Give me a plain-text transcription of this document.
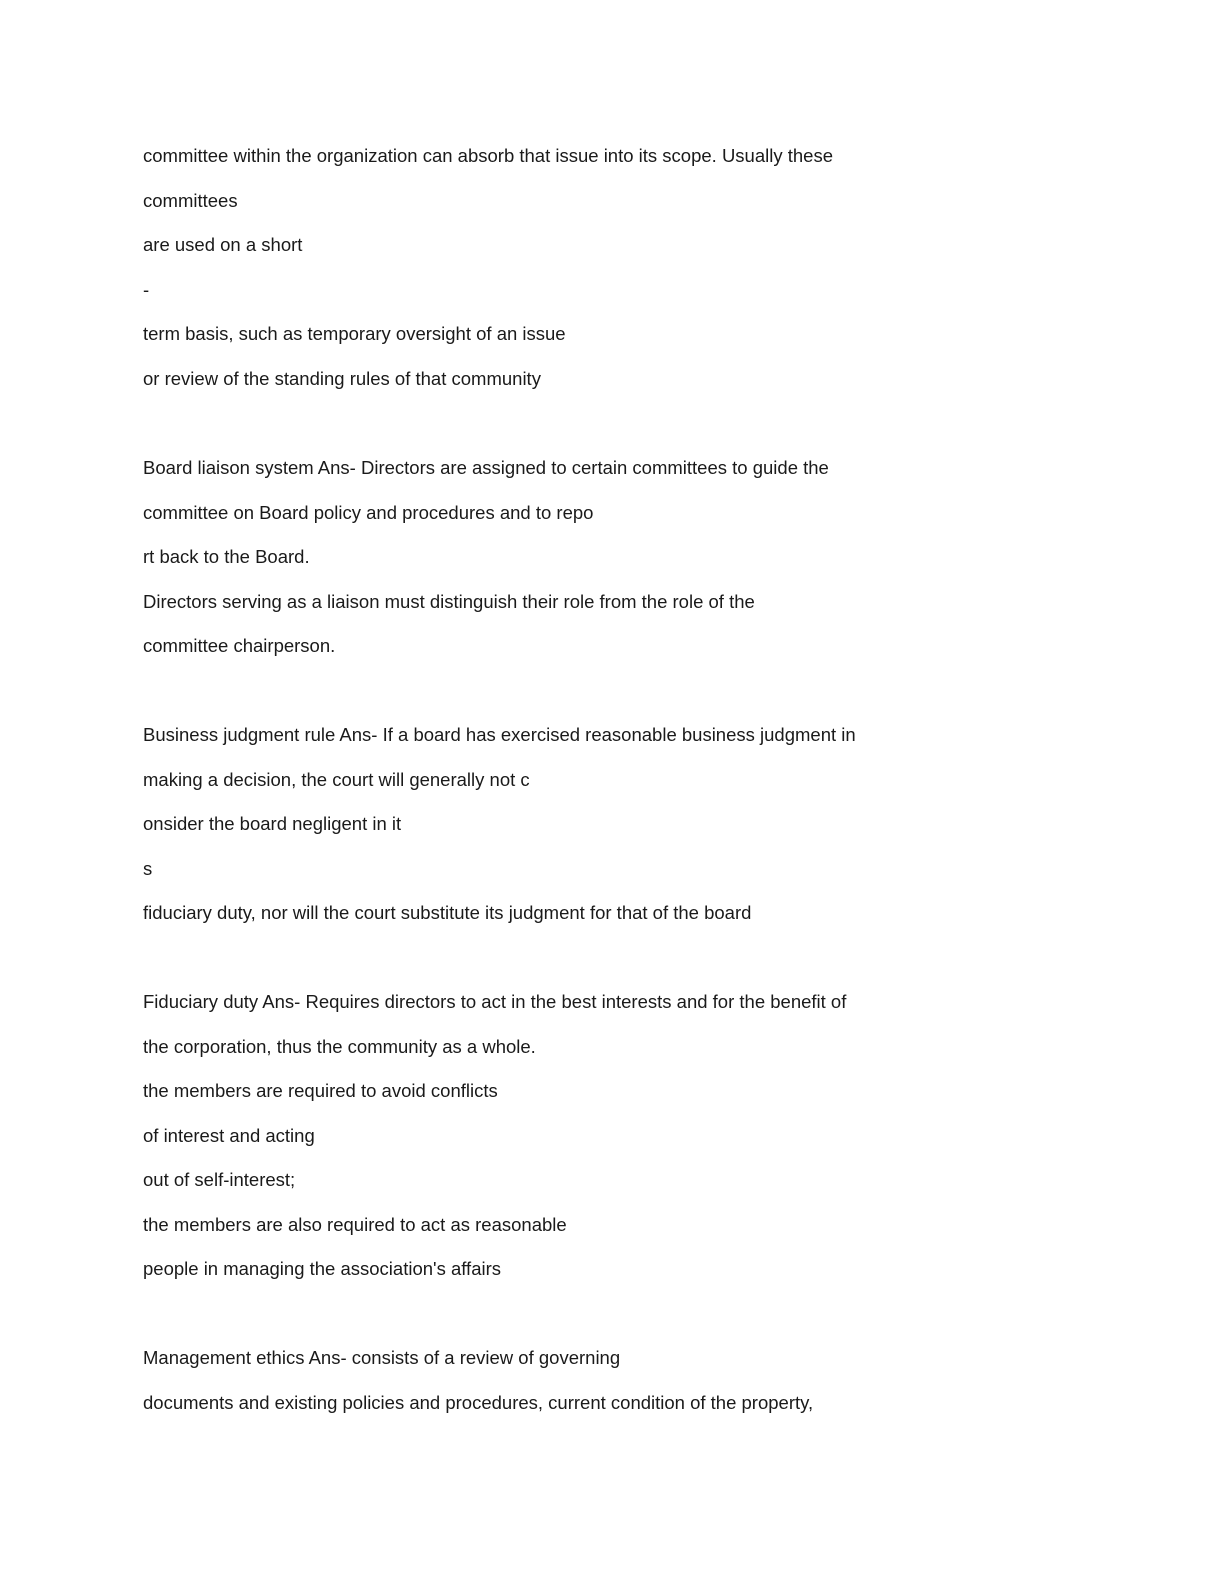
committee within the organization can absorb that issue into its scope. Usually these

committees

are used on a short

-

term basis, such as temporary oversight of an issue

or review of the standing rules of that community

Board liaison system Ans- Directors are assigned to certain committees to guide the

committee on Board policy and procedures and to repo

rt back to the Board.

Directors serving as a liaison must distinguish their role from the role of the

committee chairperson.

Business judgment rule Ans- If a board has exercised reasonable business judgment in

making a decision, the court will generally not c

onsider the board negligent in it

s

fiduciary duty, nor will the court substitute its judgment for that of the board

Fiduciary duty Ans- Requires directors to act in the best interests and for the benefit of

the corporation, thus the community as a whole.

the members are required to avoid conflicts

of interest and acting

out of self-interest;

the members are also required to act as reasonable

people in managing the association's affairs

Management ethics Ans- consists of a review of governing

documents and existing policies and procedures, current condition of the property,
